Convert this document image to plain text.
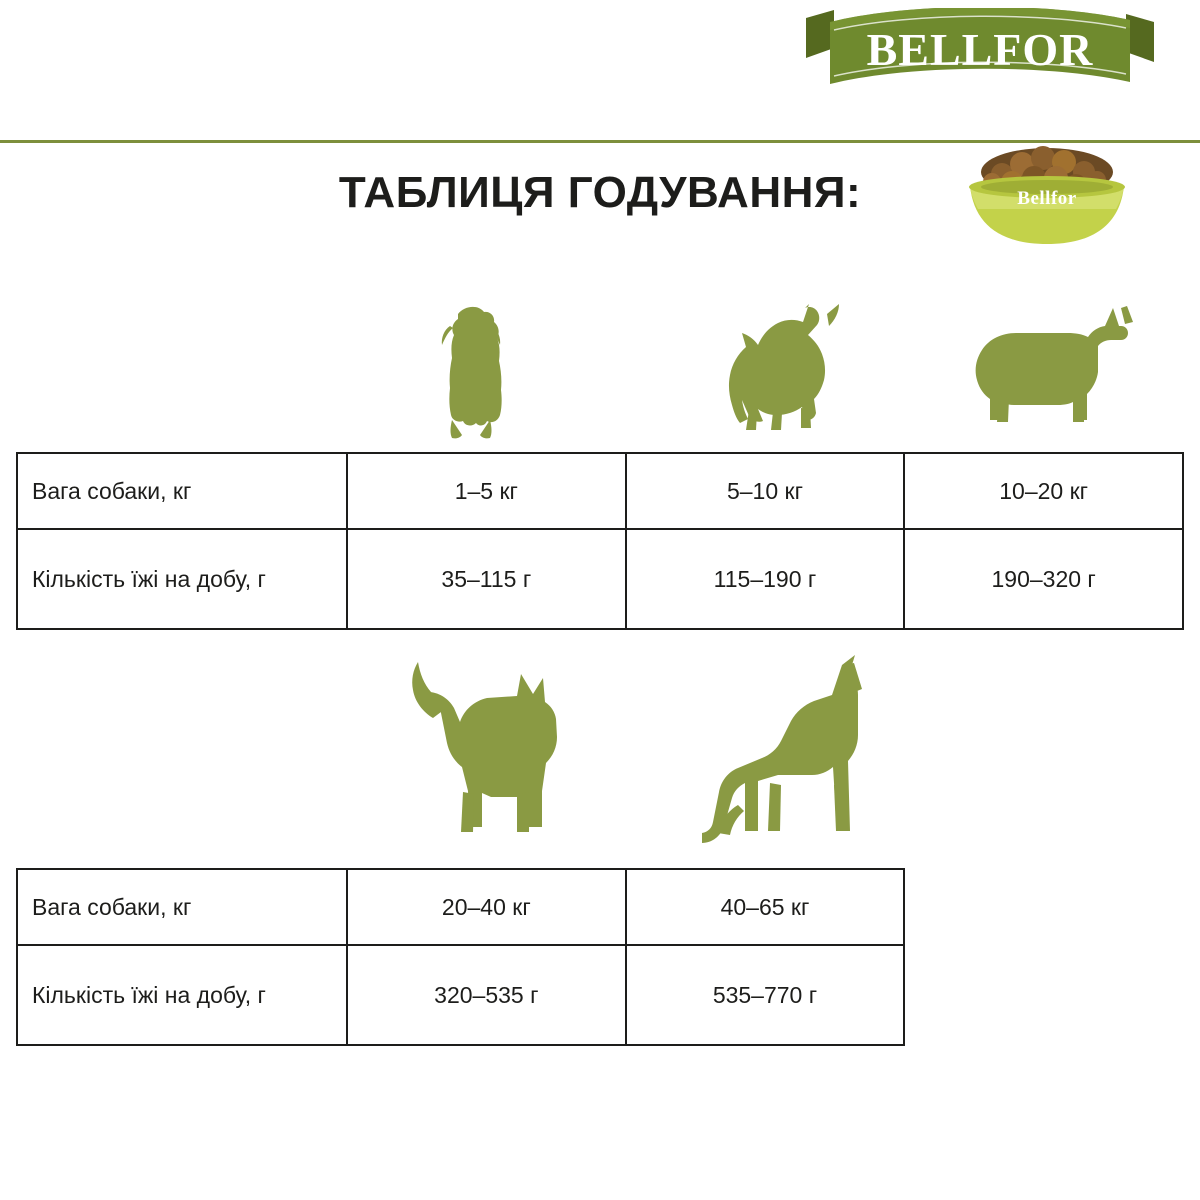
BELLFOR
ТАБЛИЦЯ ГОДУВАННЯ:	Bellfor
Вага собаки, кг	1–5 кг	5–10 кг	10–20 кг
Кількість їжі на добу, г	35–115 г	115–190 г	190–320 г
Вага собаки, кг	20–40 кг	40–65 кг	
Кількість їжі на добу, г	320–535 г	535–770 г	
